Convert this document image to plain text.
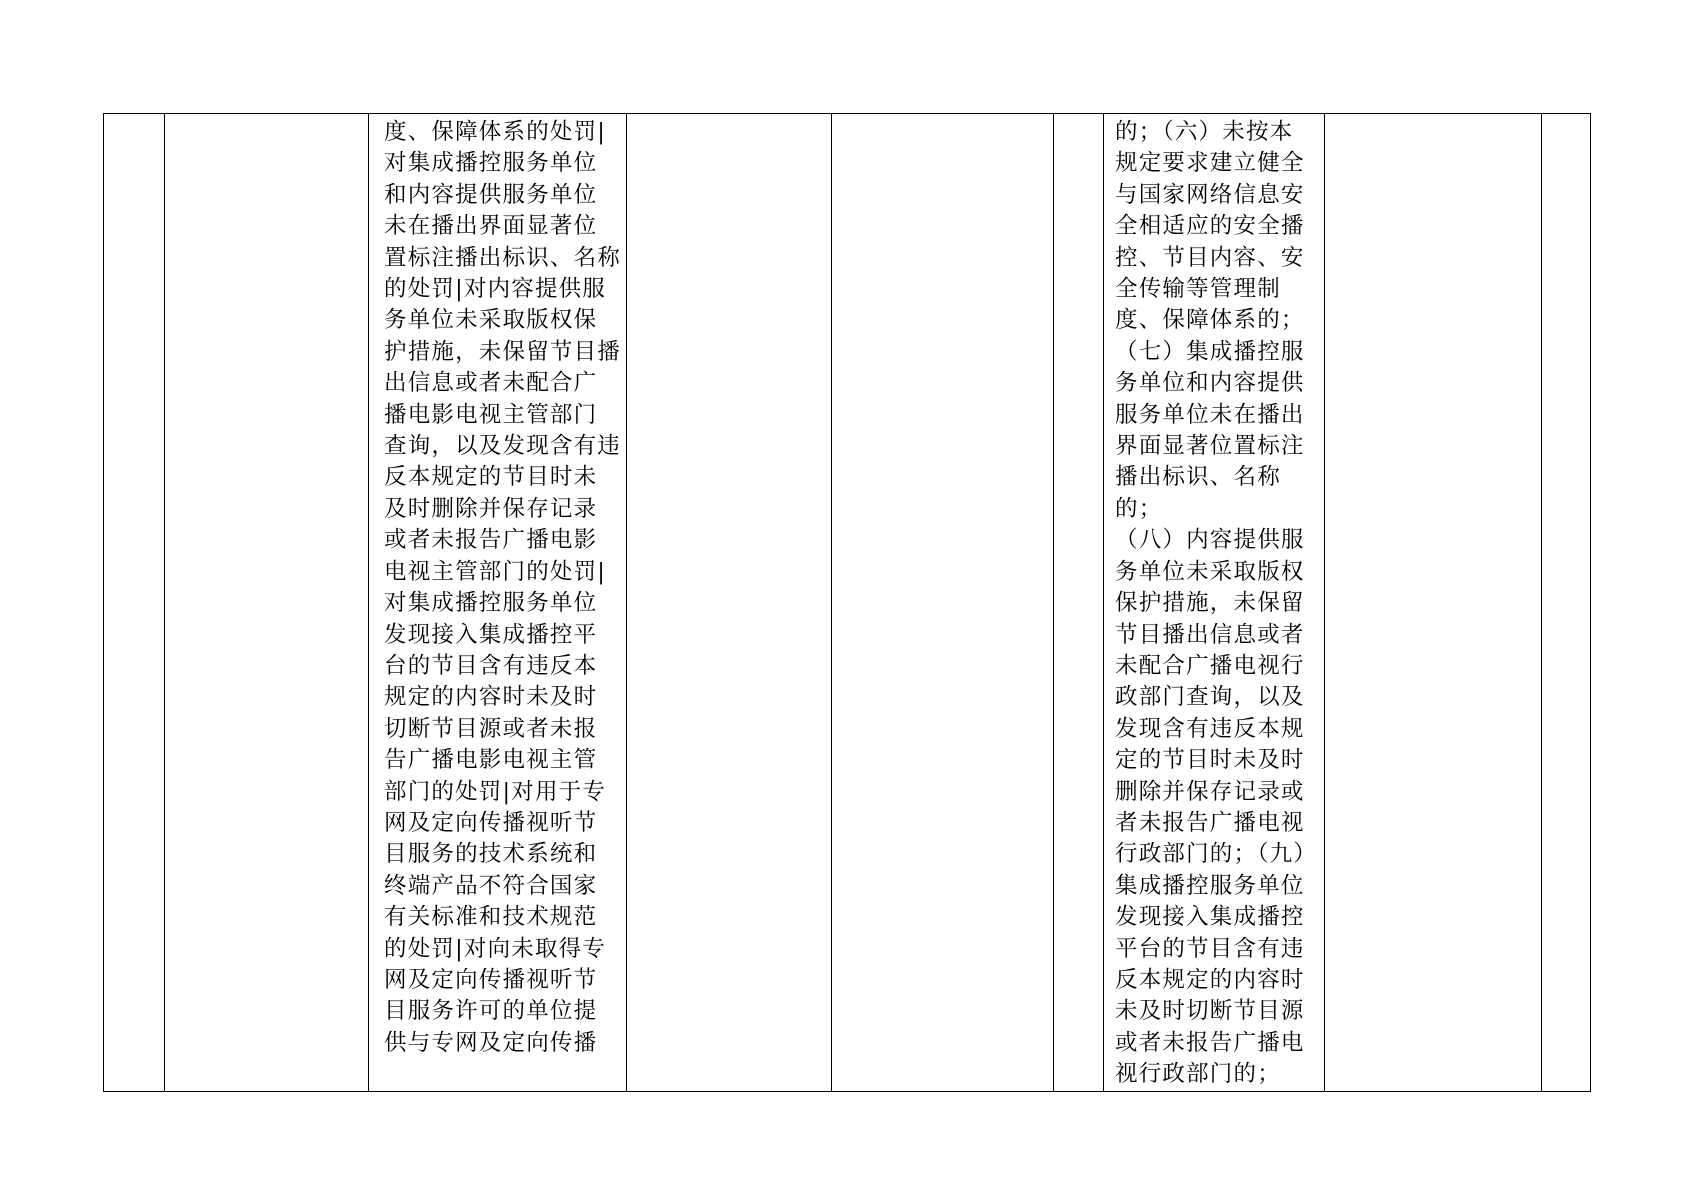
度、保障体系的处罚|
对集成播控服务单位
和内容提供服务单位
未在播出界面显著位
置标注播出标识、名称
的处罚|对内容提供服
务单位未采取版权保
护措施，未保留节目播
出信息或者未配合广
播电影电视主管部门
查询，以及发现含有违
反本规定的节目时未
及时删除并保存记录
或者未报告广播电影
电视主管部门的处罚|
对集成播控服务单位
发现接入集成播控平
台的节目含有违反本
规定的内容时未及时
切断节目源或者未报
告广播电影电视主管
部门的处罚|对用于专
网及定向传播视听节
目服务的技术系统和
终端产品不符合国家
有关标准和技术规范
的处罚|对向未取得专
网及定向传播视听节
目服务许可的单位提
供与专网及定向传播

的；（六）未按本
规定要求建立健全
与国家网络信息安
全相适应的安全播
控、节目内容、安
全传输等管理制
度、保障体系的；
（七）集成播控服
务单位和内容提供
服务单位未在播出
界面显著位置标注
播出标识、名称的；
（八）内容提供服
务单位未采取版权
保护措施，未保留
节目播出信息或者
未配合广播电视行
政部门查询，以及
发现含有违反本规
定的节目时未及时
删除并保存记录或
者未报告广播电视
行政部门的；（九）
集成播控服务单位
发现接入集成播控
平台的节目含有违
反本规定的内容时
未及时切断节目源
或者未报告广播电
视行政部门的；
